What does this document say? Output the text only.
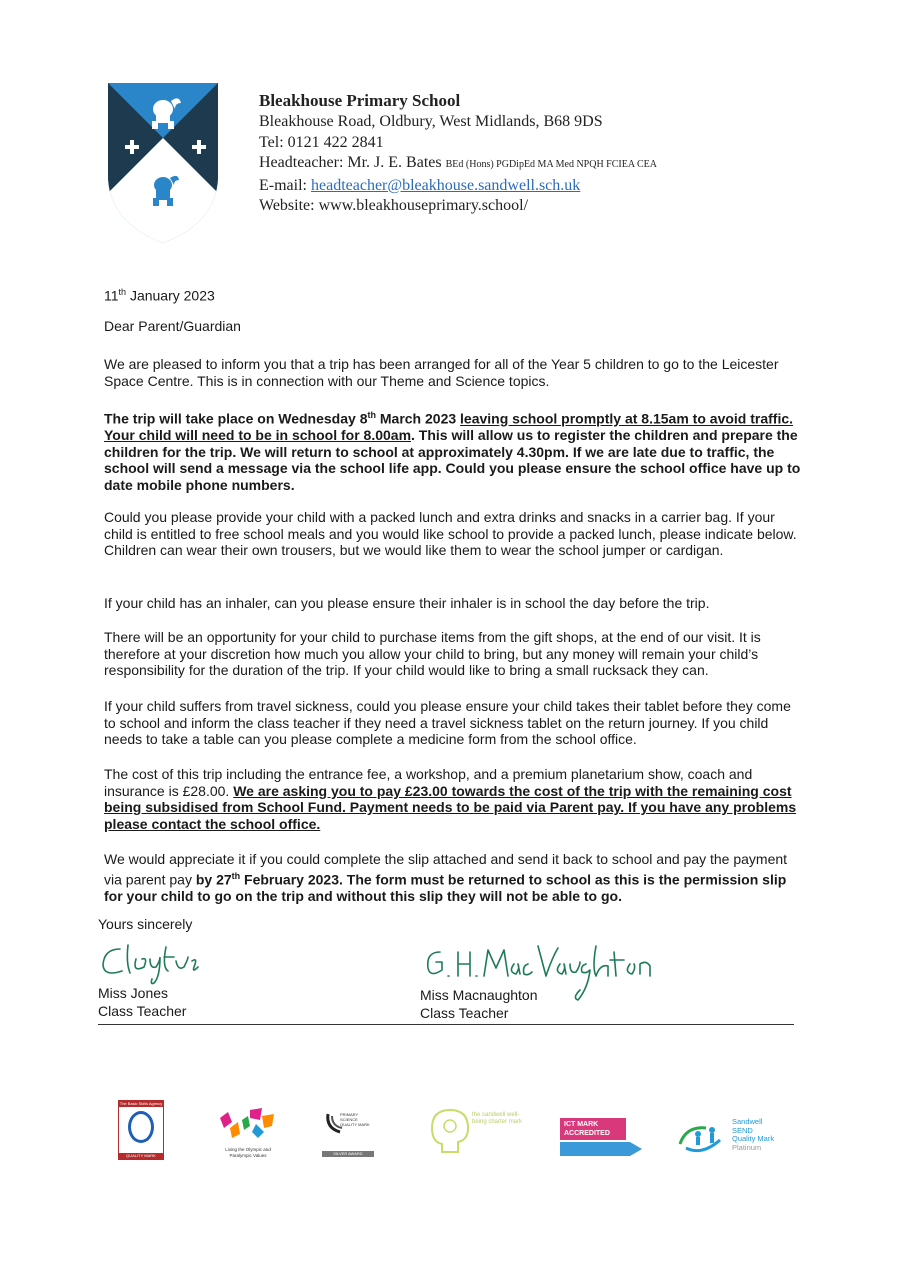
Bleakhouse Primary School
Bleakhouse Road, Oldbury, West Midlands, B68 9DS
Tel: 0121 422 2841
Headteacher: Mr. J. E. Bates BEd (Hons) PGDipEd MA Med NPQH FCIEA CEA
E-mail: headteacher@bleakhouse.sandwell.sch.uk
Website: www.bleakhouseprimary.school/

11th January 2023

Dear Parent/Guardian
We are pleased to inform you that a trip has been arranged for all of the Year 5 children to go to the Leicester Space Centre. This is in connection with our Theme and Science topics.

The trip will take place on Wednesday 8th March 2023 leaving school promptly at 8.15am to avoid traffic. Your child will need to be in school for 8.00am. This will allow us to register the children and prepare the children for the trip. We will return to school at approximately 4.30pm. If we are late due to traffic, the school will send a message via the school life app. Could you please ensure the school office have up to date mobile phone numbers.

Could you please provide your child with a packed lunch and extra drinks and snacks in a carrier bag. If your child is entitled to free school meals and you would like school to provide a packed lunch, please indicate below. Children can wear their own trousers, but we would like them to wear the school jumper or cardigan.
If your child has an inhaler, can you please ensure their inhaler is in school the day before the trip.
There will be an opportunity for your child to purchase items from the gift shops, at the end of our visit. It is therefore at your discretion how much you allow your child to bring, but any money will remain your child’s responsibility for the duration of the trip. If your child would like to bring a small rucksack they can.
If your child suffers from travel sickness, could you please ensure your child takes their tablet before they come to school and inform the class teacher if they need a travel sickness tablet on the return journey. If you child needs to take a table can you please complete a medicine form from the school office.

The cost of this trip including the entrance fee, a workshop, and a premium planetarium show, coach and insurance is £28.00. We are asking you to pay £23.00 towards the cost of the trip with the remaining cost being subsidised from School Fund. Payment needs to be paid via Parent pay. If you have any problems please contact the school office.

We would appreciate it if you could complete the slip attached and send it back to school and pay the payment via parent pay by 27th February 2023. The form must be returned to school as this is the permission slip for your child to go on the trip and without this slip they will not be able to go.

Yours sincerely
Miss Jones
Class Teacher
Miss Macnaughton
Class Teacher
The Basic Skills Agency
QUALITY MARK
Living the Olympic and Paralympic Values
PRIMARY SCIENCE QUALITY MARK
SILVER AWARD
the sandwell well-being charter mark	ICT MARK ACCREDITED
Sandwell
SEND
Quality Mark
Platinum
